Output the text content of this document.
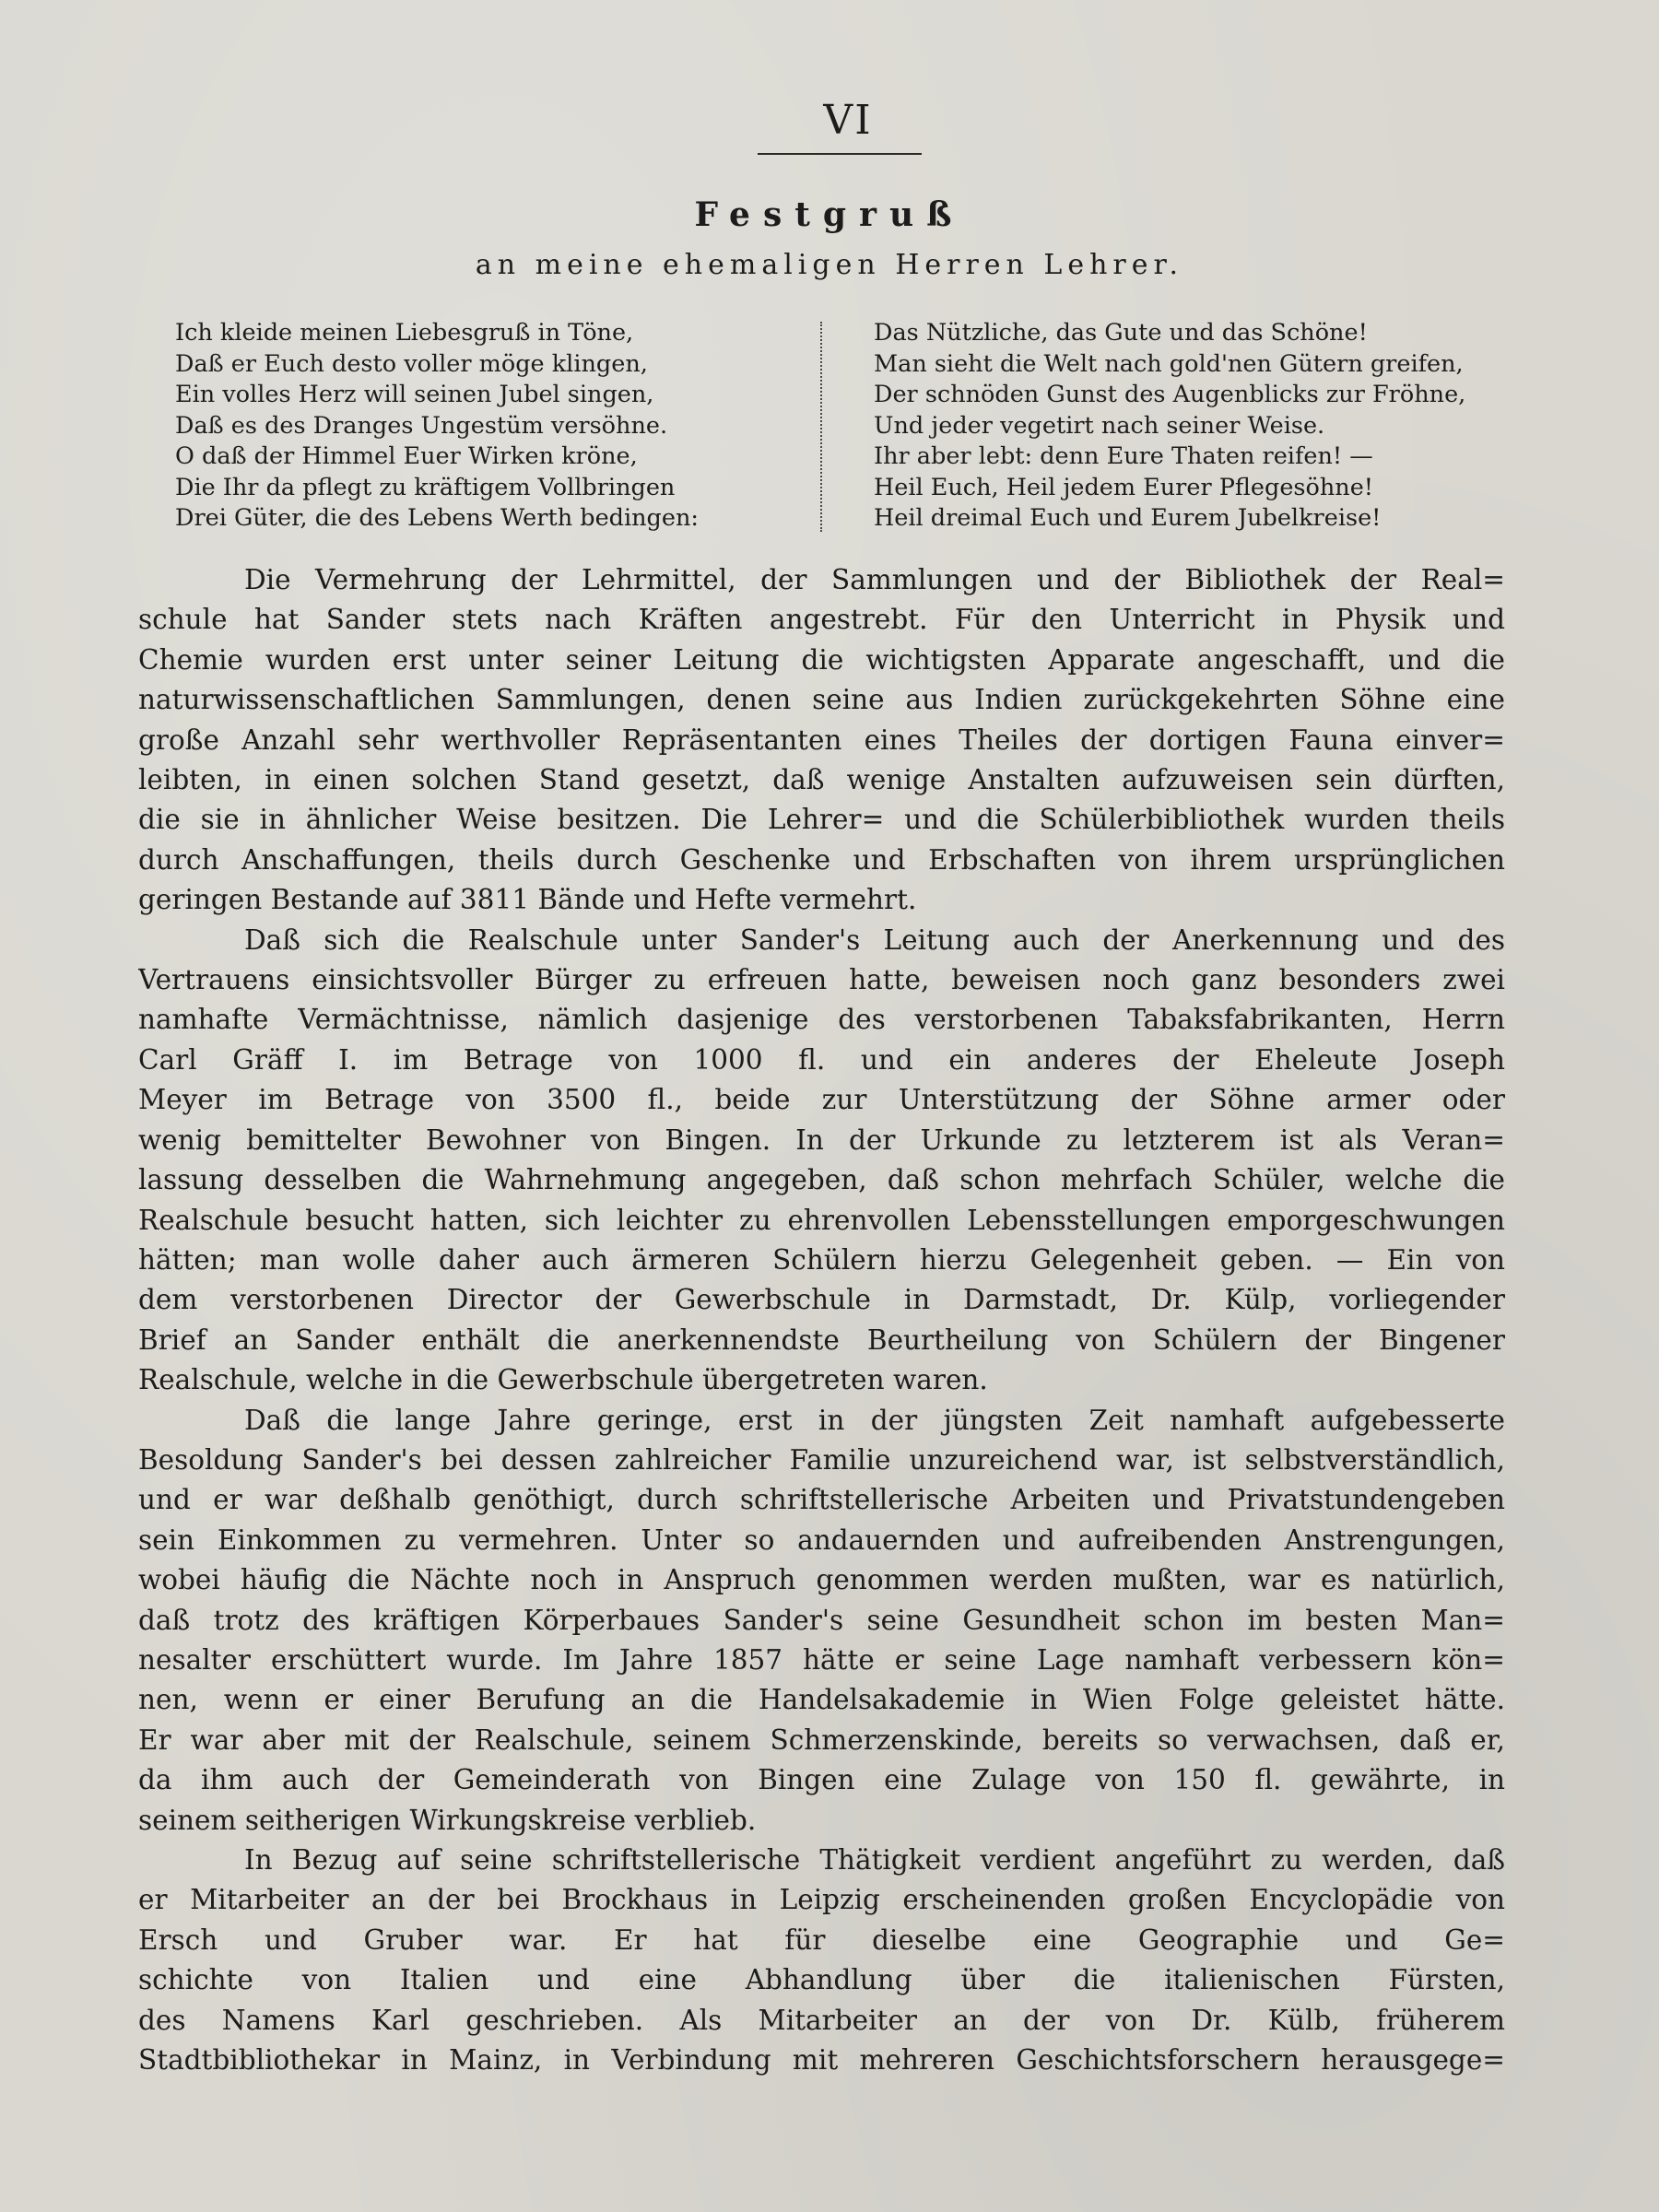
VI
Festgruß
an meine ehemaligen Herren Lehrer.
Ich kleide meinen Liebesgruß in Töne,
Daß er Euch desto voller möge klingen,
Ein volles Herz will seinen Jubel singen,
Daß es des Dranges Ungestüm versöhne.
O daß der Himmel Euer Wirken kröne,
Die Ihr da pflegt zu kräftigem Vollbringen
Drei Güter, die des Lebens Werth bedingen:
Das Nützliche, das Gute und das Schöne!
Man sieht die Welt nach gold'nen Gütern greifen,
Der schnöden Gunst des Augenblicks zur Fröhne,
Und jeder vegetirt nach seiner Weise.
Ihr aber lebt: denn Eure Thaten reifen! —
Heil Euch, Heil jedem Eurer Pflegesöhne!
Heil dreimal Euch und Eurem Jubelkreise!
Die Vermehrung der Lehrmittel, der Sammlungen und der Bibliothek der Real=
schule hat Sander stets nach Kräften angestrebt. Für den Unterricht in Physik und
Chemie wurden erst unter seiner Leitung die wichtigsten Apparate angeschafft, und die
naturwissenschaftlichen Sammlungen, denen seine aus Indien zurückgekehrten Söhne eine
große Anzahl sehr werthvoller Repräsentanten eines Theiles der dortigen Fauna einver=
leibten, in einen solchen Stand gesetzt, daß wenige Anstalten aufzuweisen sein dürften,
die sie in ähnlicher Weise besitzen. Die Lehrer= und die Schülerbibliothek wurden theils
durch Anschaffungen, theils durch Geschenke und Erbschaften von ihrem ursprünglichen
geringen Bestande auf 3811 Bände und Hefte vermehrt.
Daß sich die Realschule unter Sander's Leitung auch der Anerkennung und des
Vertrauens einsichtsvoller Bürger zu erfreuen hatte, beweisen noch ganz besonders zwei
namhafte Vermächtnisse, nämlich dasjenige des verstorbenen Tabaksfabrikanten, Herrn
Carl Gräff I. im Betrage von 1000 fl. und ein anderes der Eheleute Joseph
Meyer im Betrage von 3500 fl., beide zur Unterstützung der Söhne armer oder
wenig bemittelter Bewohner von Bingen. In der Urkunde zu letzterem ist als Veran=
lassung desselben die Wahrnehmung angegeben, daß schon mehrfach Schüler, welche die
Realschule besucht hatten, sich leichter zu ehrenvollen Lebensstellungen emporgeschwungen
hätten; man wolle daher auch ärmeren Schülern hierzu Gelegenheit geben. — Ein von
dem verstorbenen Director der Gewerbschule in Darmstadt, Dr. Külp, vorliegender
Brief an Sander enthält die anerkennendste Beurtheilung von Schülern der Bingener
Realschule, welche in die Gewerbschule übergetreten waren.
Daß die lange Jahre geringe, erst in der jüngsten Zeit namhaft aufgebesserte
Besoldung Sander's bei dessen zahlreicher Familie unzureichend war, ist selbstverständlich,
und er war deßhalb genöthigt, durch schriftstellerische Arbeiten und Privatstundengeben
sein Einkommen zu vermehren. Unter so andauernden und aufreibenden Anstrengungen,
wobei häufig die Nächte noch in Anspruch genommen werden mußten, war es natürlich,
daß trotz des kräftigen Körperbaues Sander's seine Gesundheit schon im besten Man=
nesalter erschüttert wurde. Im Jahre 1857 hätte er seine Lage namhaft verbessern kön=
nen, wenn er einer Berufung an die Handelsakademie in Wien Folge geleistet hätte.
Er war aber mit der Realschule, seinem Schmerzenskinde, bereits so verwachsen, daß er,
da ihm auch der Gemeinderath von Bingen eine Zulage von 150 fl. gewährte, in
seinem seitherigen Wirkungskreise verblieb.
In Bezug auf seine schriftstellerische Thätigkeit verdient angeführt zu werden, daß
er Mitarbeiter an der bei Brockhaus in Leipzig erscheinenden großen Encyclopädie von
Ersch und Gruber war. Er hat für dieselbe eine Geographie und Ge=
schichte von Italien und eine Abhandlung über die italienischen Fürsten,
des Namens Karl geschrieben. Als Mitarbeiter an der von Dr. Külb, früherem
Stadtbibliothekar in Mainz, in Verbindung mit mehreren Geschichtsforschern herausgege=
